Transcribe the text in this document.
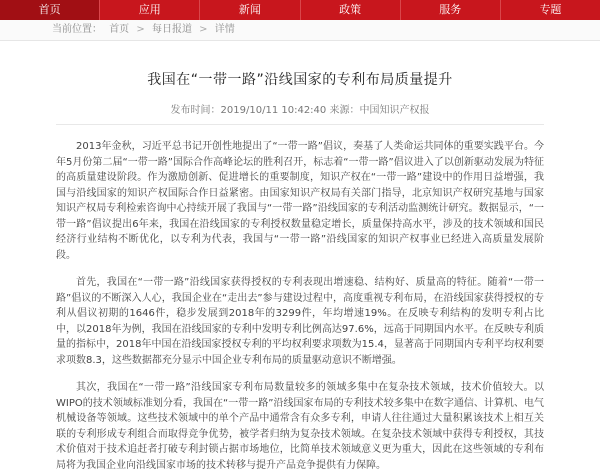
首页	应用	新闻	政策	服务	专题
当前位置： 首页 > 每日报道 > 详情
我国在“一带一路”沿线国家的专利布局质量提升
发布时间：2019/10/11 10:42:40 来源：中国知识产权报

2013年金秋，习近平总书记开创性地提出了“一带一路”倡议，奏基了人类命运共同体的重要实践平台。今年5月份第二届“一带一路”国际合作高峰论坛的胜利召开，标志着“一带一路”倡议进入了以创新驱动发展为特征的高质量建设阶段。作为激励创新、促进增长的重要制度，知识产权在“一带一路”建设中的作用日益增强，我国与沿线国家的知识产权国际合作日益紧密。由国家知识产权局有关部门指导，北京知识产权研究基地与国家知识产权局专利检索咨询中心持续开展了我国与“一带一路”沿线国家的专利活动监测统计研究。数据显示，“一带一路”倡议提出6年来，我国在沿线国家的专利授权数量稳定增长，质量保持高水平，涉及的技术领域和国民经济行业结构不断优化，以专利为代表，我国与“一带一路”沿线国家的知识产权事业已经进入高质量发展阶段。

首先，我国在“一带一路”沿线国家获得授权的专利表现出增速稳、结构好、质量高的特征。随着“一带一路”倡议的不断深入人心，我国企业在“走出去”参与建设过程中，高度重视专利布局，在沿线国家获得授权的专利从倡议初期的1646件，稳步发展到2018年的3299件，年均增速19%。在反映专利结构的发明专利占比中，以2018年为例，我国在沿线国家的专利中发明专利比例高达97.6%，远高于同期国内水平。在反映专利质量的指标中，2018年中国在沿线国家授权专利的平均权利要求项数为15.4，显著高于同期国内专利平均权利要求项数8.3，这些数据都充分显示中国企业专利布局的质量驱动意识不断增强。

其次，我国在“一带一路”沿线国家专利布局数量较多的领域多集中在复杂技术领域，技术价值较大。以WIPO的技术领域标准划分看，我国在“一带一路”沿线国家布局的专利技术较多集中在数字通信、计算机、电气机械设备等领域。这些技术领域中的单个产品中通常含有众多专利，申请人往往通过大量积累该技术上相互关联的专利形成专利组合而取得竞争优势，被学者归纳为复杂技术领域。在复杂技术领域中获得专利授权，其技术价值对于技术追赶者打破专利封锁占据市场地位，比简单技术领域意义更为重大，因此在这些领域的专利布局将为我国企业向沿线国家市场的技术转移与提升产品竞争提供有力保障。
